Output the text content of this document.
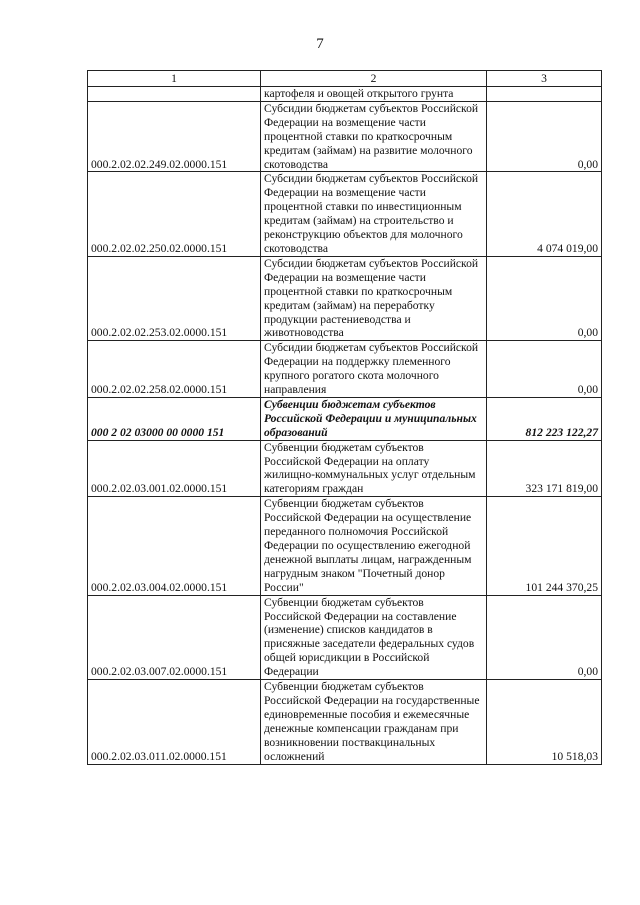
7
1	2	3
	картофеля и овощей открытого грунта	
000.2.02.02.249.02.0000.151	Субсидии бюджетам субъектов Российской Федерации на возмещение части процентной ставки по краткосрочным кредитам (займам) на развитие молочного скотоводства	0,00
000.2.02.02.250.02.0000.151	Субсидии бюджетам субъектов Российской Федерации на возмещение части процентной ставки по инвестиционным кредитам (займам) на строительство и реконструкцию объектов для молочного скотоводства	4 074 019,00
000.2.02.02.253.02.0000.151	Субсидии бюджетам субъектов Российской Федерации на возмещение части процентной ставки по краткосрочным кредитам (займам) на переработку продукции растениеводства и животноводства	0,00
000.2.02.02.258.02.0000.151	Субсидии бюджетам субъектов Российской Федерации на поддержку племенного крупного рогатого скота молочного направления	0,00
000 2 02 03000 00 0000 151	Субвенции бюджетам субъектов Российской Федерации и муниципальных образований	812 223 122,27
000.2.02.03.001.02.0000.151	Субвенции бюджетам субъектов Российской Федерации на оплату жилищно-коммунальных услуг отдельным категориям граждан	323 171 819,00
000.2.02.03.004.02.0000.151	Субвенции бюджетам субъектов Российской Федерации на осуществление переданного полномочия Российской Федерации по осуществлению ежегодной денежной выплаты лицам, награжденным нагрудным знаком "Почетный донор России"	101 244 370,25
000.2.02.03.007.02.0000.151	Субвенции бюджетам субъектов Российской Федерации на составление (изменение) списков кандидатов в присяжные заседатели федеральных судов общей юрисдикции в Российской Федерации	0,00
000.2.02.03.011.02.0000.151	Субвенции бюджетам субъектов Российской Федерации на государственные единовременные пособия и ежемесячные денежные компенсации гражданам при возникновении поствакцинальных осложнений	10 518,03
